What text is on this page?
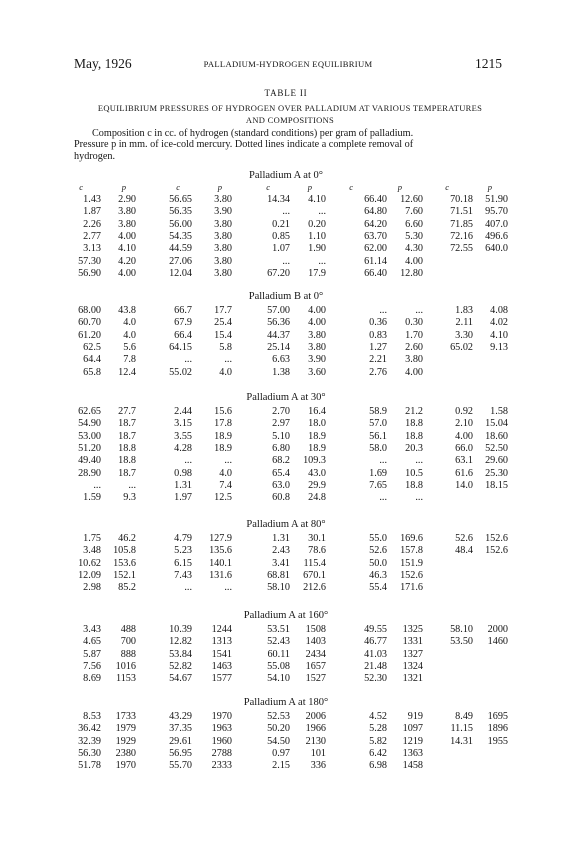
May, 1926	PALLADIUM-HYDROGEN EQUILIBRIUM	1215
TABLE II
EQUILIBRIUM PRESSURES OF HYDROGEN OVER PALLADIUM AT VARIOUS TEMPERATURES
AND COMPOSITIONS
Composition c in cc. of hydrogen (standard conditions) per gram of palladium.
Pressure p in mm. of ice-cold mercury. Dotted lines indicate a complete removal of
hydrogen.
c	p	c	p	c	p	c	p	c	p
Palladium A at 0°
1.43	2.90	56.65	3.80	14.34	4.10	66.40	12.60	70.18	51.90
1.87	3.80	56.35	3.90	...	...	64.80	7.60	71.51	95.70
2.26	3.80	56.00	3.80	0.21	0.20	64.20	6.60	71.85	407.0
2.77	4.00	54.35	3.80	0.85	1.10	63.70	5.30	72.16	496.6
3.13	4.10	44.59	3.80	1.07	1.90	62.00	4.30	72.55	640.0
57.30	4.20	27.06	3.80	...	...	61.14	4.00
56.90	4.00	12.04	3.80	67.20	17.9	66.40	12.80
Palladium B at 0°
68.00	43.8	66.7	17.7	57.00	4.00	...	...	1.83	4.08
60.70	4.0	67.9	25.4	56.36	4.00	0.36	0.30	2.11	4.02
61.20	4.0	66.4	15.4	44.37	3.80	0.83	1.70	3.30	4.10
62.5	5.6	64.15	5.8	25.14	3.80	1.27	2.60	65.02	9.13
64.4	7.8	...	...	6.63	3.90	2.21	3.80
65.8	12.4	55.02	4.0	1.38	3.60	2.76	4.00
Palladium A at 30°
62.65	27.7	2.44	15.6	2.70	16.4	58.9	21.2	0.92	1.58
54.90	18.7	3.15	17.8	2.97	18.0	57.0	18.8	2.10	15.04
53.00	18.7	3.55	18.9	5.10	18.9	56.1	18.8	4.00	18.60
51.20	18.8	4.28	18.9	6.80	18.9	58.0	20.3	66.0	52.50
49.40	18.8	...	...	68.2	109.3	...	...	63.1	29.60
28.90	18.7	0.98	4.0	65.4	43.0	1.69	10.5	61.6	25.30
...	...	1.31	7.4	63.0	29.9	7.65	18.8	14.0	18.15
1.59	9.3	1.97	12.5	60.8	24.8	...	...
Palladium A at 80°
1.75	46.2	4.79	127.9	1.31	30.1	55.0	169.6	52.6	152.6
3.48	105.8	5.23	135.6	2.43	78.6	52.6	157.8	48.4	152.6
10.62	153.6	6.15	140.1	3.41	115.4	50.0	151.9
12.09	152.1	7.43	131.6	68.81	670.1	46.3	152.6
2.98	85.2	...	...	58.10	212.6	55.4	171.6
Palladium A at 160°
3.43	488	10.39	1244	53.51	1508	49.55	1325	58.10	2000
4.65	700	12.82	1313	52.43	1403	46.77	1331	53.50	1460
5.87	888	53.84	1541	60.11	2434	41.03	1327
7.56	1016	52.82	1463	55.08	1657	21.48	1324
8.69	1153	54.67	1577	54.10	1527	52.30	1321
Palladium A at 180°
8.53	1733	43.29	1970	52.53	2006	4.52	919	8.49	1695
36.42	1979	37.35	1963	50.20	1966	5.28	1097	11.15	1896
32.39	1929	29.61	1960	54.50	2130	5.82	1219	14.31	1955
56.30	2380	56.95	2788	0.97	101	6.42	1363
51.78	1970	55.70	2333	2.15	336	6.98	1458
